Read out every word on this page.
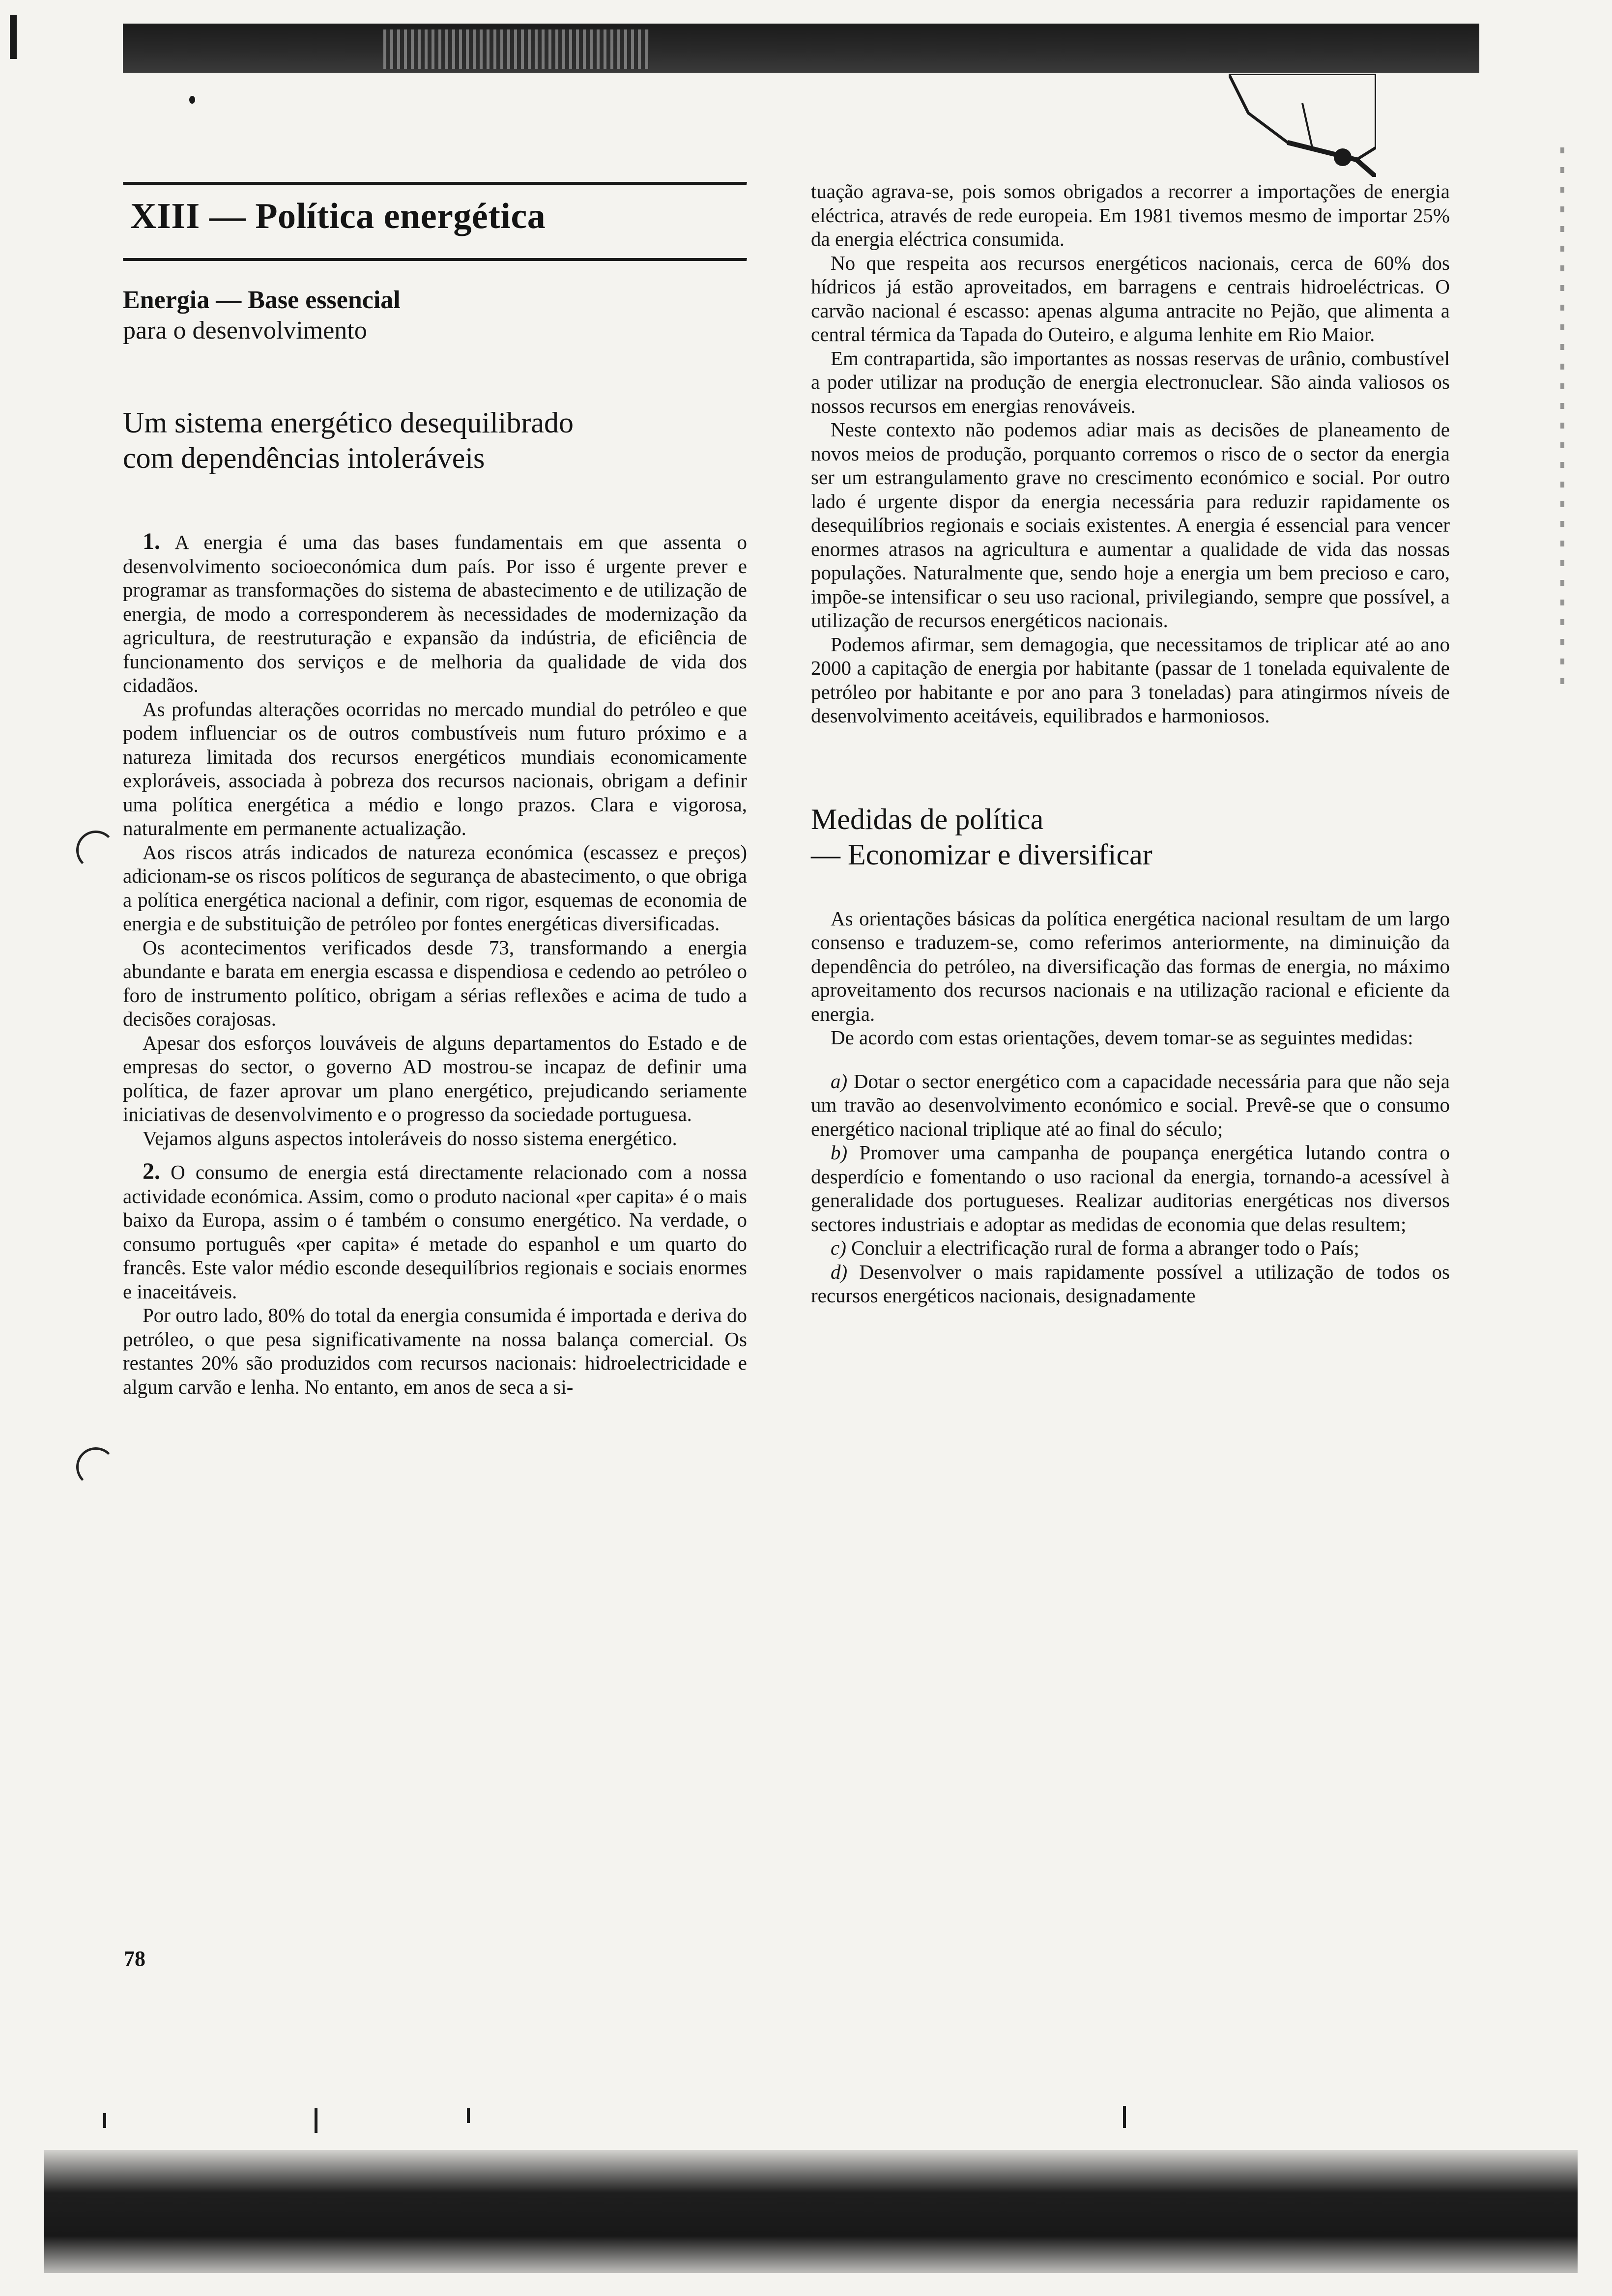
XIII — Política energética
Energia — Base essencial
para o desenvolvimento
Um sistema energético desequilibrado
com dependências intoleráveis

1. A energia é uma das bases fundamentais em que assenta o desenvolvimento socioeconómica dum país. Por isso é urgente prever e programar as transformações do sistema de abastecimento e de utilização de energia, de modo a corresponderem às necessidades de modernização da agricultura, de reestruturação e expansão da indústria, de eficiência de funcionamento dos serviços e de melhoria da qualidade de vida dos cidadãos.

As profundas alterações ocorridas no mercado mundial do petróleo e que podem influenciar os de outros combustíveis num futuro próximo e a natureza limitada dos recursos energéticos mundiais economicamente exploráveis, associada à pobreza dos recursos nacionais, obrigam a definir uma política energética a médio e longo prazos. Clara e vigorosa, naturalmente em permanente actualização.

Aos riscos atrás indicados de natureza económica (escassez e preços) adicionam-se os riscos políticos de segurança de abastecimento, o que obriga a política energética nacional a definir, com rigor, esquemas de economia de energia e de substituição de petróleo por fontes energéticas diversificadas.

Os acontecimentos verificados desde 73, transformando a energia abundante e barata em energia escassa e dispendiosa e cedendo ao petróleo o foro de instrumento político, obrigam a sérias reflexões e acima de tudo a decisões corajosas.

Apesar dos esforços louváveis de alguns departamentos do Estado e de empresas do sector, o governo AD mostrou-se incapaz de definir uma política, de fazer aprovar um plano energético, prejudicando seriamente iniciativas de desenvolvimento e o progresso da sociedade portuguesa.

Vejamos alguns aspectos intoleráveis do nosso sistema energético.

2. O consumo de energia está directamente relacionado com a nossa actividade económica. Assim, como o produto nacional «per capita» é o mais baixo da Europa, assim o é também o consumo energético. Na verdade, o consumo português «per capita» é metade do espanhol e um quarto do francês. Este valor médio esconde desequilíbrios regionais e sociais enormes e inaceitáveis.

Por outro lado, 80% do total da energia consumida é importada e deriva do petróleo, o que pesa significativamente na nossa balança comercial. Os restantes 20% são produzidos com recursos nacionais: hidroelectricidade e algum carvão e lenha. No entanto, em anos de seca a si-

tuação agrava-se, pois somos obrigados a recorrer a importações de energia eléctrica, através de rede europeia. Em 1981 tivemos mesmo de importar 25% da energia eléctrica consumida.

No que respeita aos recursos energéticos nacionais, cerca de 60% dos hídricos já estão aproveitados, em barragens e centrais hidroeléctricas. O carvão nacional é escasso: apenas alguma antracite no Pejão, que alimenta a central térmica da Tapada do Outeiro, e alguma lenhite em Rio Maior.

Em contrapartida, são importantes as nossas reservas de urânio, combustível a poder utilizar na produção de energia electronuclear. São ainda valiosos os nossos recursos em energias renováveis.

Neste contexto não podemos adiar mais as decisões de planeamento de novos meios de produção, porquanto corremos o risco de o sector da energia ser um estrangulamento grave no crescimento económico e social. Por outro lado é urgente dispor da energia necessária para reduzir rapidamente os desequilíbrios regionais e sociais existentes. A energia é essencial para vencer enormes atrasos na agricultura e aumentar a qualidade de vida das nossas populações. Naturalmente que, sendo hoje a energia um bem precioso e caro, impõe-se intensificar o seu uso racional, privilegiando, sempre que possível, a utilização de recursos energéticos nacionais.

Podemos afirmar, sem demagogia, que necessitamos de triplicar até ao ano 2000 a capitação de energia por habitante (passar de 1 tonelada equivalente de petróleo por habitante e por ano para 3 toneladas) para atingirmos níveis de desenvolvimento aceitáveis, equilibrados e harmoniosos.

Medidas de política
— Economizar e diversificar

As orientações básicas da política energética nacional resultam de um largo consenso e traduzem-se, como referimos anteriormente, na diminuição da dependência do petróleo, na diversificação das formas de energia, no máximo aproveitamento dos recursos nacionais e na utilização racional e eficiente da energia.

De acordo com estas orientações, devem tomar-se as seguintes medidas:

a) Dotar o sector energético com a capacidade necessária para que não seja um travão ao desenvolvimento económico e social. Prevê-se que o consumo energético nacional triplique até ao final do século;

b) Promover uma campanha de poupança energética lutando contra o desperdício e fomentando o uso racional da energia, tornando-a acessível à generalidade dos portugueses. Realizar auditorias energéticas nos diversos sectores industriais e adoptar as medidas de economia que delas resultem;

c) Concluir a electrificação rural de forma a abranger todo o País;

d) Desenvolver o mais rapidamente possível a utilização de todos os recursos energéticos nacionais, designadamente

78
